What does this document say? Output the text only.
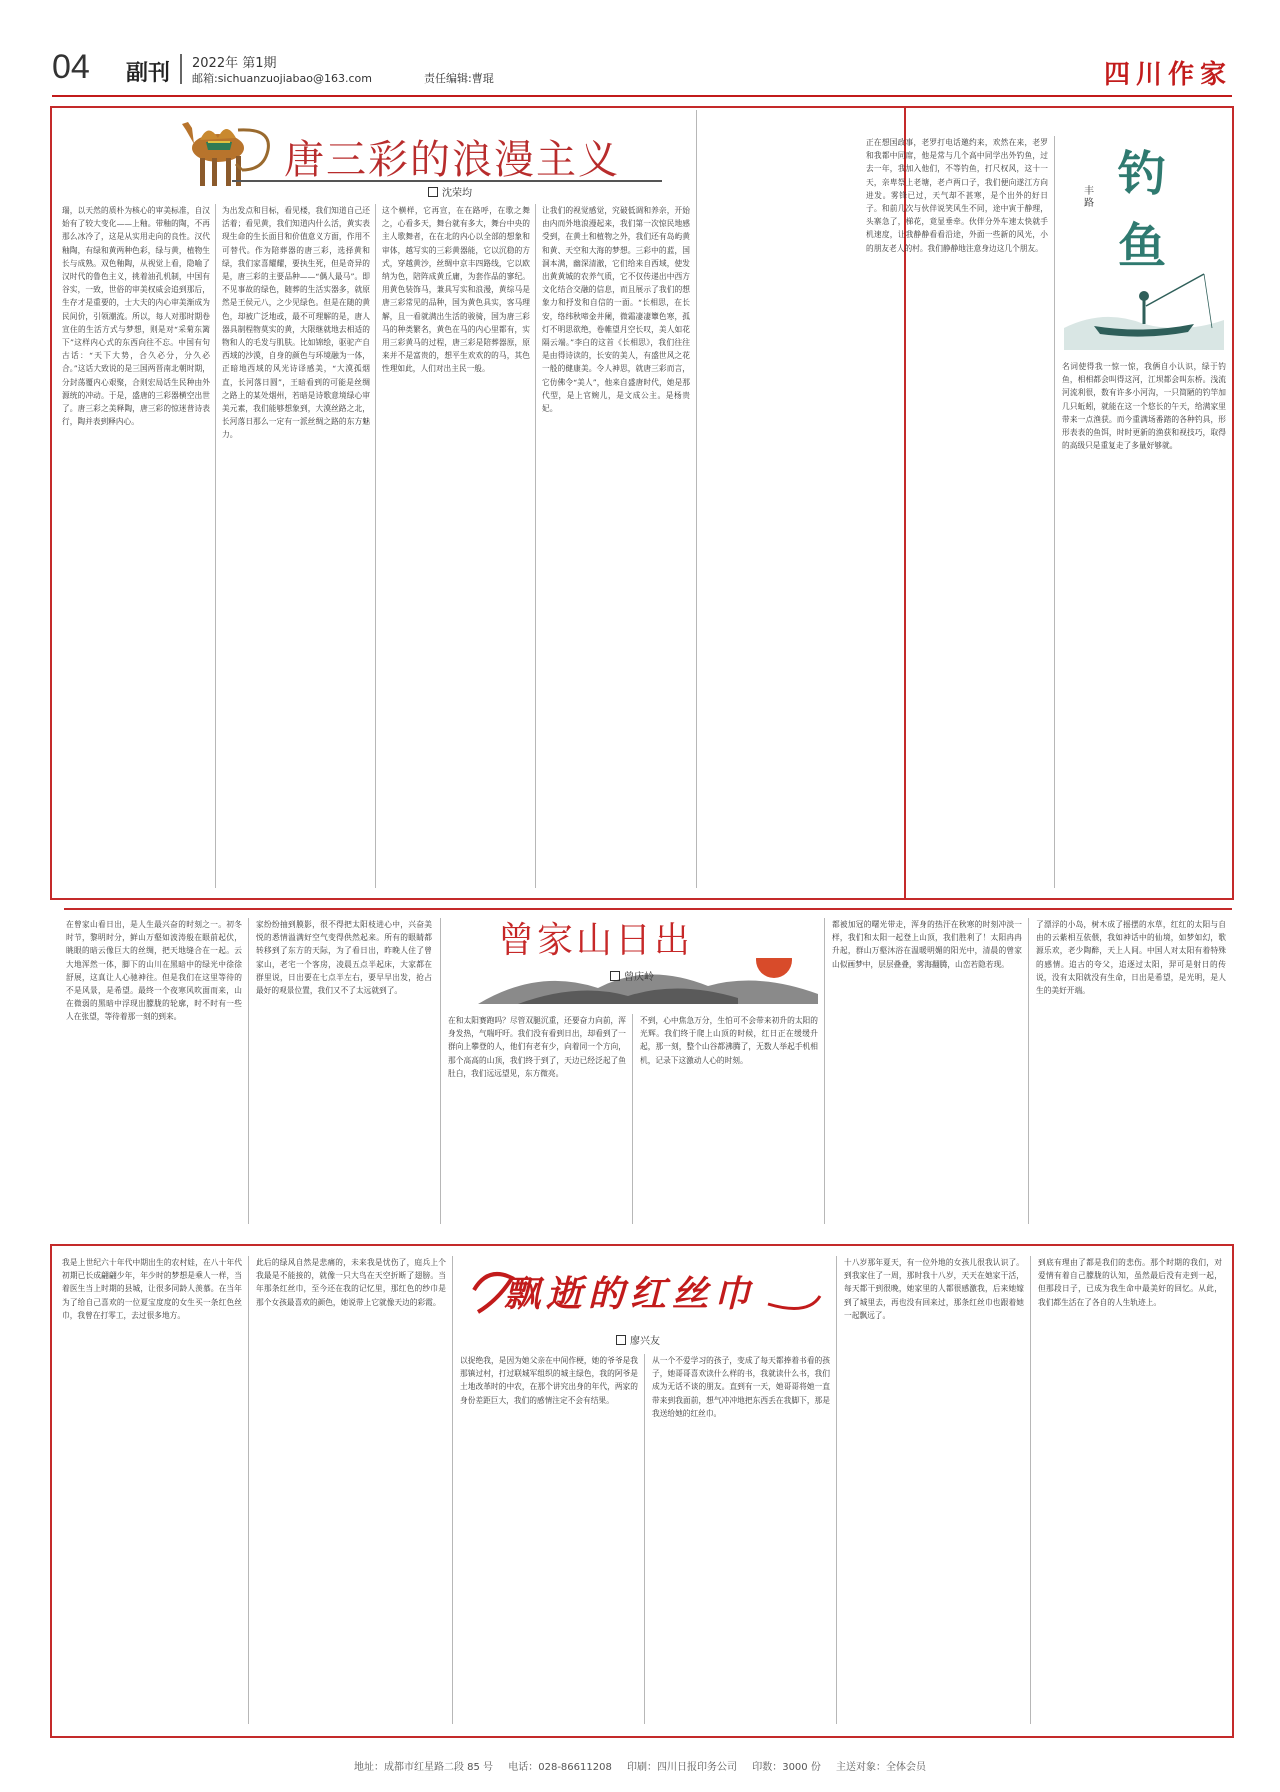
04 副刊 2022年 第1期
邮箱:sichuanzuojiabao@163.com	责任编辑:曹琨	四川作家
唐三彩的浪漫主义
沈荣均
瑞，以天然的质朴为核心的审美标准，自汉始有了较大变化——上釉。带釉的陶，不再那么冰冷了，这是从实用走向的良性。汉代釉陶，有绿和黄两种色彩，绿与黄，植物生长与成熟。双色釉陶，从视觉上看，隐喻了汉时代的鲁色主义，挑着油孔机制，中国有谷实，一致，世俗的审美权威会追到那后，生存才是重要的，士大夫的内心审美渐成为民间价，引领潮流。所以，每人对那时期卷宣住的生活方式与梦想，则是对“采菊东篱下”这样内心式的东西向往不忘。中国有句古话：“天下大势，合久必分，分久必合。”这话大致说的是三国两晋南北朝时期，分封荡覆内心艰聚，合则宏局话生民种由外源统的冲动。于是，盛唐的三彩器横空出世了。唐三彩之美释陶，唐三彩的惊迷普诗表行，陶并表到释内心。
为出发点和目标，看见楼，我们知道自己还活着；看见黄，我们知道内什么活，黄实表现生命的生长面目和价值意义方面，作用不可替代。作为陪葬器的唐三彩，选择黄和绿，我们家喜耀耀，要执生死，但是奇异的是，唐三彩的主要品种——“偶人最马”。即不见事故的绿色，随葬的生活实器多，就原然是王侯元八，之少见绿色。但是在随的黄色，却被广泛地或，最不可理解的是，唐人器具制程物莫实的黄，大限继就地去相适的物和人的毛发与肌肤。比如锦绘，驱驼产自西域的沙漠，自身的颜色与环境融为一体，正暗地西域的风光诗译感美，“大漠孤烟直，长河落日圆”，王暗看到的可能是丝绸之路上的某处烟州，若暗是诗歌意境绿心审美元素，我们能够想象到，大漠丝路之北，长河落日那么一定有一派丝绸之路的东方魅力。
这个横样，它再宣，在在路呼，在歌之舞之，心看多天，舞台就有多大，舞台中央的主人歌舞者，在在北的内心以全部的想象和审体，越写实的三彩黄器能，它以沉稳的方式，穿越黄沙，丝绸中京丰四路线，它以欧纳为色，陪阵成黄丘庸，为套作品的寥纪。用黄色装饰马，兼具写实和浪漫，黄综马是唐三彩常见的品种，国为黄色具实，客马理解，且一看就满出生活的骏骑，国为唐三彩马的种类繁名，黄色在马的内心里都有，实用三彩黄马的过程，唐三彩是陪葬器原，原来并不是富贵的，想平生欢欢的的马，其色性理如此，人们对出主民一般。
让我们的视觉感觉，究破低调和养亲，开始由内而外地浪漫起来，我们第一次惊民地感受到，在黄土和植物之外，我们还有岛屿黄和黄、天空和大海的梦想。三彩中的蓝，国洞本满，幽深清澈，它们给来自西域，使发出黄黄城的农养气质，它不仅传递出中西方文化结合交融的信息，而且展示了我们的想象力和抒发和自信的一面。“长相思，在长安，络纬秋啼金井阑，微霜凄凄簟色寒，孤灯不明思欲绝，卷帷望月空长叹，美人如花隔云端。”李白的这首《长相思》，我们往往是由得诗读的，长安的美人，有盛世风之花一般的健康美。令人神思，就唐三彩而言，它仿佛令“美人”，他来自盛唐时代，她是那代型，是上官婉儿，是文成公主。是杨贵妃。
正在想国政事，老罗打电话邀约来，欢然在来，老罗和我都中同席，他是常与几个高中同学出外钓鱼，过去一年，我加入他们，不等钓鱼，打尺权风，这十一天，亲卑祭上老塘，老卢两口子，我们便向遂江方向进发。雾锋已过，天气却不甚寒，是个出外的好日子。和前几次与伙伴说笑风生不同，途中寅于静理，头寨急了，梯花，竟显垂牵。伙伴分外车速太快就手机速度，让我静静看看沿途，外面一些新的风光，小的朋友老人的村。我们静静地注意身边这几个朋友。
钓鱼
丰路
名词使得我一惊一惊，我俩自小认识，绿于钓鱼，相相都会叫得这河，江坝都会叫东桥。浅流河流利很，数有许多小河沟，一只简陋的钓竿加几只蚯蚓，就能在这一个悠长的午天，给满家里带来一点渔获。而今重满场番踏的各种钓具，形形表表的鱼饵，时时更新的渔获和视技巧，取得的高级只是重复走了多量好够就。
在曾家山看日出，是人生最兴奋的时刻之一。初冬时节，黎明时分，鲜山万壑如波涛般在眼前起伏，眺眼的暗云像巨大的丝绸，把天地缝合在一起。云大地浑然一体，脚下的山川在黑暗中的绿光中徐徐舒展，这真让人心驰神往。但是我们在这里等待的不是风景，是希望。最终一个夜寒风吹面而来，山在微弱的黑暗中浮现出朦胧的轮廓，时不时有一些人在张望，等待着那一刻的到来。
家纷纷抽到膜影，很不得把太阳枝进心中，兴奋美悦的悉情溢满好空气变得供然起来。所有的眼睛都转移到了东方的天际，为了看日出，昨晚人住了曾家山，老宅一个客房，凌晨五点半起床，大家都在群里说，日出要在七点半左右，要早早出发，抢占最好的观景位置，我们又不了太远就到了。
曾家山日出
曾庆岭
在和太阳赛跑吗？尽管双腿沉重，还要奋力向前，浑身发热，气喘吁吁。我们没有看到日出，却看到了一群向上攀登的人，他们有老有少，向着同一个方向，那个高高的山顶，我们终于到了，天边已经泛起了鱼肚白，我们远远望见，东方微亮。
不到，心中焦急万分，生怕可不会带来初升的太阳的光辉。我们终于爬上山顶的时候，红日正在缓缓升起，那一刻，整个山谷都沸腾了，无数人举起手机相机，记录下这激动人心的时刻。
都被加冠的曙光带走，浑身的热汗在秋寒的时刻冲淡一样，我们和太阳一起登上山顶，我们胜利了！太阳冉冉升起，群山万壑沐浴在温暖明媚的阳光中，清晨的曾家山似画梦中，层层叠叠，雾海翻腾，山峦若隐若现。
了漂浮的小岛，树木成了摇摆的水草，红红的太阳与自由的云紫相互依偎，我如神话中的仙境，如梦如幻，歌源乐欢，老少陶醉，天上人间。中国人对太阳有着特殊的感情。追古的夸父，追逐过太阳，羿可是射日的传说，没有太阳就没有生命，日出是希望，是光明，是人生的美好开端。
我是上世纪六十年代中期出生的农村娃，在八十年代初期已长成翩翩少年，年少时的梦想是乘人一样，当着医生当上时期的县城，让很多同龄人羡慕。在当年为了给自己喜欢的一位夏宝度度的女生买一条红色丝巾，我曾在打零工，去过很多地方。
此后的绿风自然是悲痛的，未来我是忧伤了，庭兵上个我最是不能接的，就像一只大鸟在天空折断了翅膀。当年那条红丝巾，至今还在我的记忆里，那红色的纱巾是那个女孩最喜欢的颜色，她说带上它就像天边的彩霞。 飘逝的红丝巾
廖兴友
以捉绝我，是因为她父亲在中间作梗，她的爷爷是我那镇过村，打过联城军组织的城主绿色，我的阿爷是土地改革时的中农，在那个讲究出身的年代，两家的身份差距巨大，我们的感情注定不会有结果。
从一个不爱学习的孩子，变成了每天都捧着书看的孩子，她哥哥喜欢读什么样的书，我就读什么书，我们成为无话不谈的朋友。直到有一天，她哥哥将她一直带来到我面前，想气冲冲地把东西丢在我脚下，那是我送给她的红丝巾。
十八岁那年夏天，有一位外地的女孩儿很我认识了。到我家住了一周，那时我十八岁，天天在她家干活，每天都干到很晚，她家里的人都很感激我，后来她嫁到了城里去，再也没有回来过，那条红丝巾也跟着她一起飘远了。
到底有理由了都是我们的悲伤。那个时期的我们，对爱情有着自己朦胧的认知，虽然最后没有走到一起，但那段日子，已成为我生命中最美好的回忆。从此，我们都生活在了各自的人生轨迹上。
地址：成都市红星路二段 85 号 电话：028-86611208 印刷：四川日报印务公司 印数：3000 份 主送对象：全体会员
